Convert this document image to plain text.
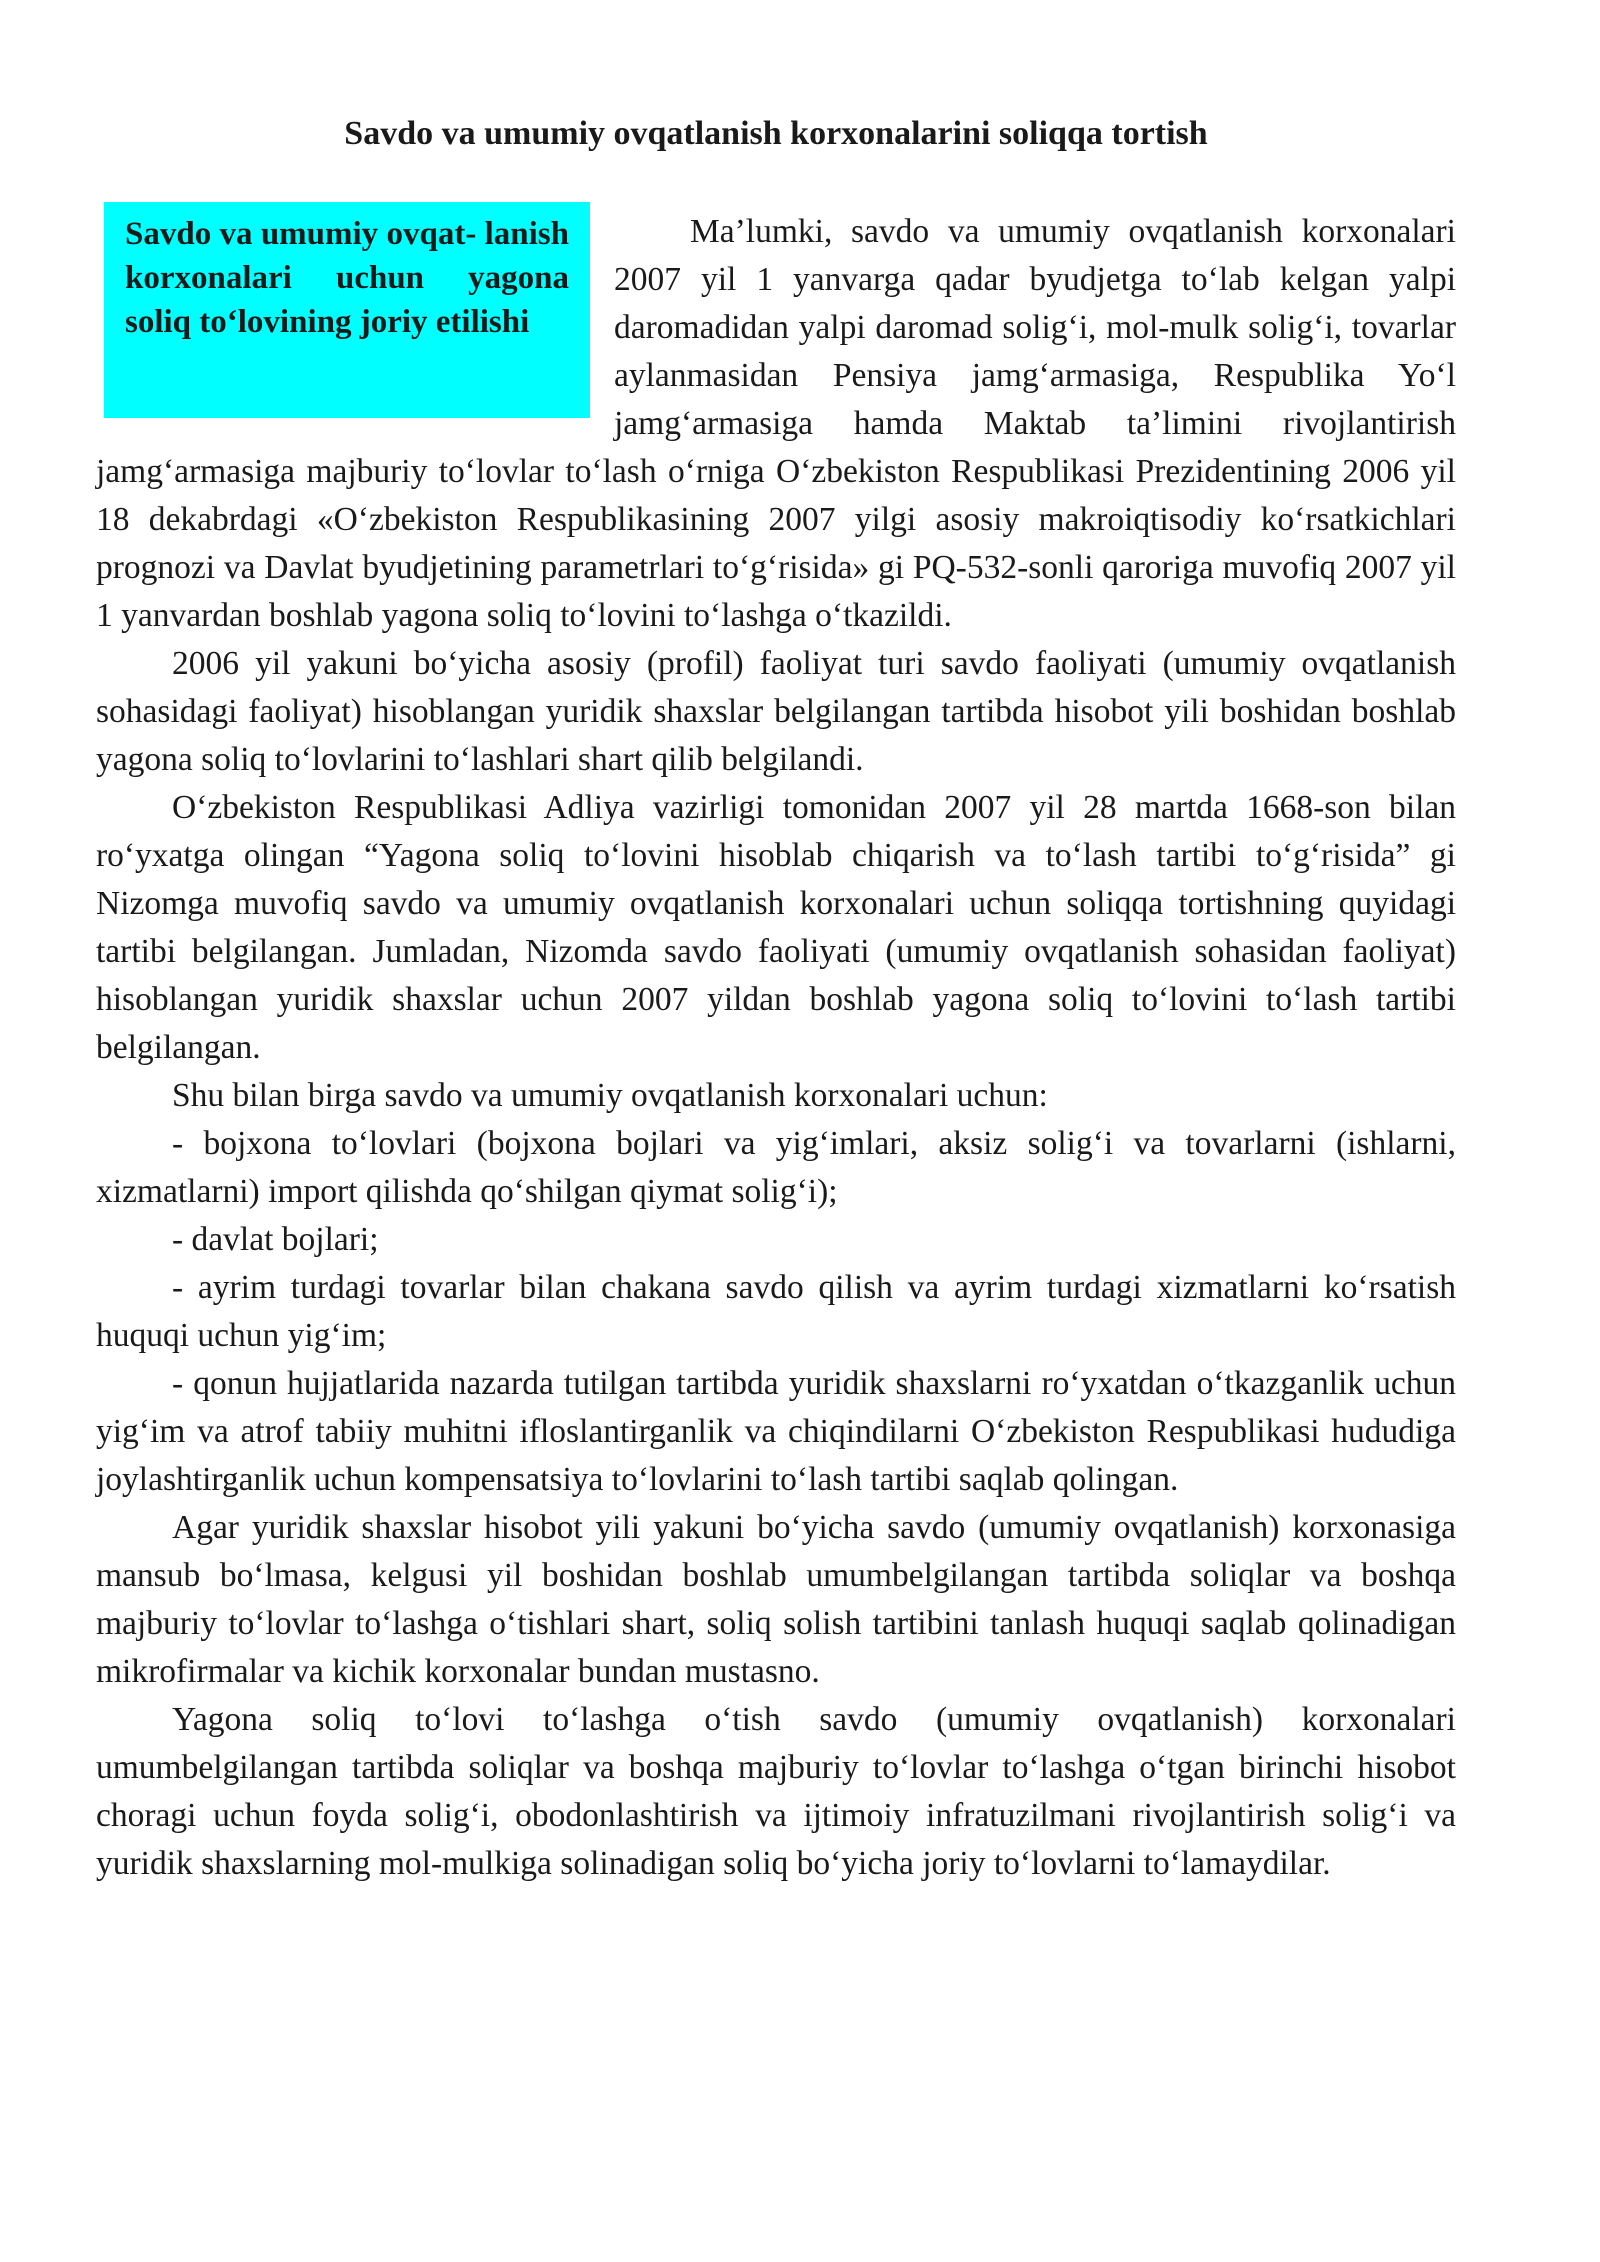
Savdo va umumiy ovqatlanish korxonalarini soliqqa tortish
Savdo va umumiy ovqat- lanish korxonalari uchun yagona soliq to‘lovining joriy etilishi

Ma’lumki, savdo va umumiy ovqatlanish korxonalari 2007 yil 1 yanvarga qadar byudjetga to‘lab kelgan yalpi daromadidan yalpi daromad solig‘i, mol-mulk solig‘i, tovarlar aylanmasidan Pensiya jamg‘armasiga, Respublika Yo‘l jamg‘armasiga hamda Maktab ta’limini rivojlantirish jamg‘armasiga majburiy to‘lovlar to‘lash o‘rniga O‘zbekiston Respublikasi Prezidentining 2006 yil 18 dekabrdagi «O‘zbekiston Respublikasining 2007 yilgi asosiy makroiqtisodiy ko‘rsatkichlari prognozi va Davlat byudjetining parametrlari to‘g‘risida» gi PQ-532-sonli qaroriga muvofiq 2007 yil 1 yanvardan boshlab yagona soliq to‘lovini to‘lashga o‘tkazildi.

2006 yil yakuni bo‘yicha asosiy (profil) faoliyat turi savdo faoliyati (umumiy ovqatlanish sohasidagi faoliyat) hisoblangan yuridik shaxslar belgilangan tartibda hisobot yili boshidan boshlab yagona soliq to‘lovlarini to‘lashlari shart qilib belgilandi.

O‘zbekiston Respublikasi Adliya vazirligi tomonidan 2007 yil 28 martda 1668-son bilan ro‘yxatga olingan “Yagona soliq to‘lovini hisoblab chiqarish va to‘lash tartibi to‘g‘risida” gi Nizomga muvofiq savdo va umumiy ovqatlanish korxonalari uchun soliqqa tortishning quyidagi tartibi belgilangan. Jumladan, Nizomda savdo faoliyati (umumiy ovqatlanish sohasidan faoliyat) hisoblangan yuridik shaxslar uchun 2007 yildan boshlab yagona soliq to‘lovini to‘lash tartibi belgilangan.

Shu bilan birga savdo va umumiy ovqatlanish korxonalari uchun:

- bojxona to‘lovlari (bojxona bojlari va yig‘imlari, aksiz solig‘i va tovarlarni (ishlarni, xizmatlarni) import qilishda qo‘shilgan qiymat solig‘i);

- davlat bojlari;

- ayrim turdagi tovarlar bilan chakana savdo qilish va ayrim turdagi xizmatlarni ko‘rsatish huquqi uchun yig‘im;

- qonun hujjatlarida nazarda tutilgan tartibda yuridik shaxslarni ro‘yxatdan o‘tkazganlik uchun yig‘im va atrof tabiiy muhitni ifloslantirganlik va chiqindilarni O‘zbekiston Respublikasi hududiga joylashtirganlik uchun kompensatsiya to‘lovlarini to‘lash tartibi saqlab qolingan.

Agar yuridik shaxslar hisobot yili yakuni bo‘yicha savdo (umumiy ovqatlanish) korxonasiga mansub bo‘lmasa, kelgusi yil boshidan boshlab umumbelgilangan tartibda soliqlar va boshqa majburiy to‘lovlar to‘lashga o‘tishlari shart, soliq solish tartibini tanlash huquqi saqlab qolinadigan mikrofirmalar va kichik korxonalar bundan mustasno.

Yagona soliq to‘lovi to‘lashga o‘tish savdo (umumiy ovqatlanish) korxonalari umumbelgilangan tartibda soliqlar va boshqa majburiy to‘lovlar to‘lashga o‘tgan birinchi hisobot choragi uchun foyda solig‘i, obodonlashtirish va ijtimoiy infratuzilmani rivojlantirish solig‘i va yuridik shaxslarning mol-mulkiga solinadigan soliq bo‘yicha joriy to‘lovlarni to‘lamaydilar.
